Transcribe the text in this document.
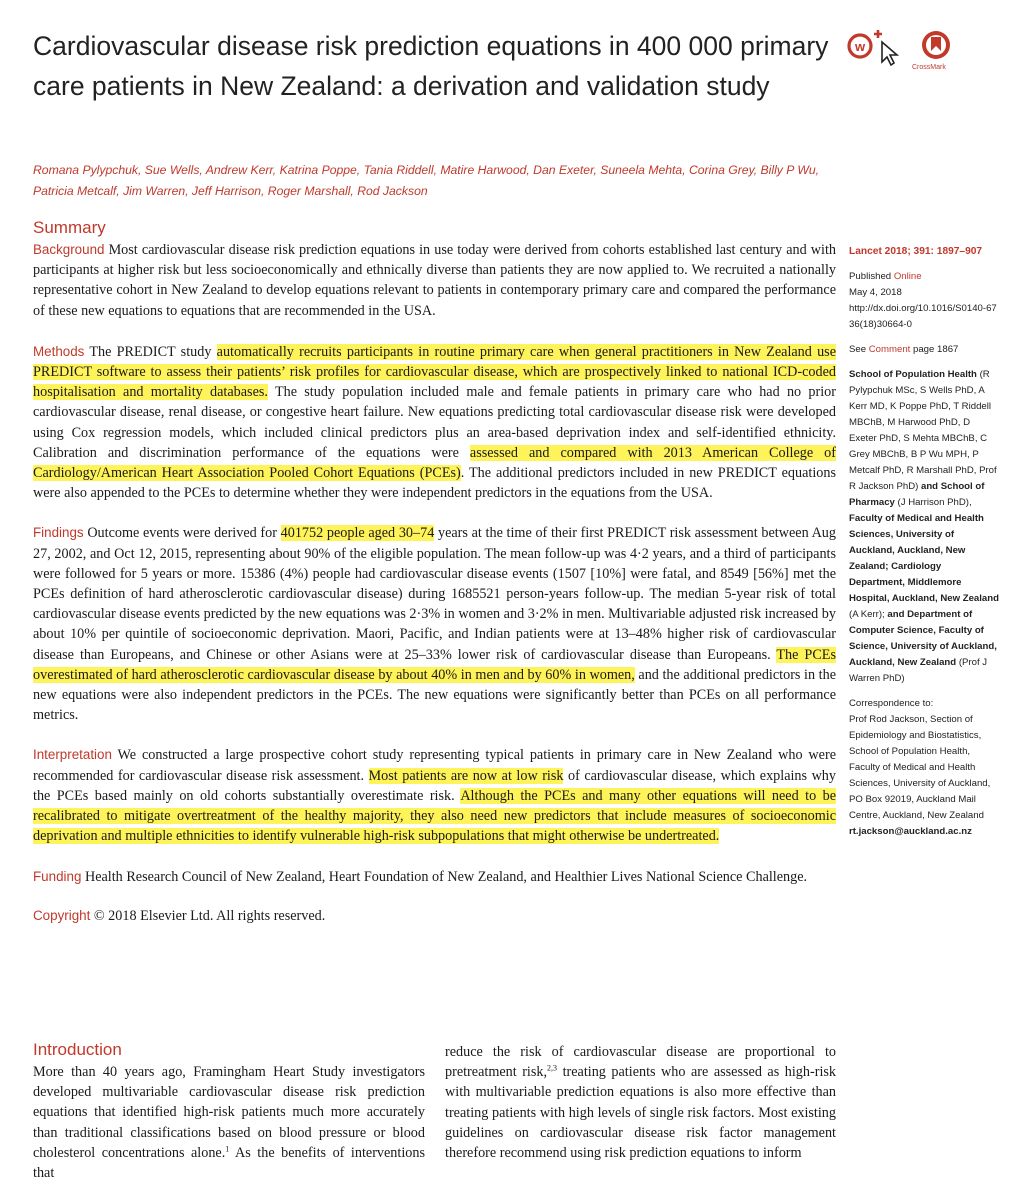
Cardiovascular disease risk prediction equations in 400 000 primary care patients in New Zealand: a derivation and validation study
w
CrossMark
Romana Pylypchuk, Sue Wells, Andrew Kerr, Katrina Poppe, Tania Riddell, Matire Harwood, Dan Exeter, Suneela Mehta, Corina Grey, Billy P Wu, Patricia Metcalf, Jim Warren, Jeff Harrison, Roger Marshall, Rod Jackson
Summary

Background Most cardiovascular disease risk prediction equations in use today were derived from cohorts established last century and with participants at higher risk but less socioeconomically and ethnically diverse than patients they are now applied to. We recruited a nationally representative cohort in New Zealand to develop equations relevant to patients in contemporary primary care and compared the performance of these new equations to equations that are recommended in the USA.

Methods The PREDICT study automatically recruits participants in routine primary care when general practitioners in New Zealand use PREDICT software to assess their patients’ risk profiles for cardiovascular disease, which are prospectively linked to national ICD-coded hospitalisation and mortality databases. The study population included male and female patients in primary care who had no prior cardiovascular disease, renal disease, or congestive heart failure. New equations predicting total cardiovascular disease risk were developed using Cox regression models, which included clinical predictors plus an area-based deprivation index and self-identified ethnicity. Calibration and discrimination performance of the equations were assessed and compared with 2013 American College of Cardiology/American Heart Association Pooled Cohort Equations (PCEs). The additional predictors included in new PREDICT equations were also appended to the PCEs to determine whether they were independent predictors in the equations from the USA.

Findings Outcome events were derived for 401752 people aged 30–74 years at the time of their first PREDICT risk assessment between Aug 27, 2002, and Oct 12, 2015, representing about 90% of the eligible population. The mean follow-up was 4·2 years, and a third of participants were followed for 5 years or more. 15386 (4%) people had cardiovascular disease events (1507 [10%] were fatal, and 8549 [56%] met the PCEs definition of hard atherosclerotic cardiovascular disease) during 1685521 person-years follow-up. The median 5-year risk of total cardiovascular disease events predicted by the new equations was 2·3% in women and 3·2% in men. Multivariable adjusted risk increased by about 10% per quintile of socioeconomic deprivation. Maori, Pacific, and Indian patients were at 13–48% higher risk of cardiovascular disease than Europeans, and Chinese or other Asians were at 25–33% lower risk of cardiovascular disease than Europeans. The PCEs overestimated of hard atherosclerotic cardiovascular disease by about 40% in men and by 60% in women, and the additional predictors in the new equations were also independent predictors in the PCEs. The new equations were significantly better than PCEs on all performance metrics.

Interpretation We constructed a large prospective cohort study representing typical patients in primary care in New Zealand who were recommended for cardiovascular disease risk assessment. Most patients are now at low risk of cardiovascular disease, which explains why the PCEs based mainly on old cohorts substantially overestimate risk. Although the PCEs and many other equations will need to be recalibrated to mitigate overtreatment of the healthy majority, they also need new predictors that include measures of socioeconomic deprivation and multiple ethnicities to identify vulnerable high-risk subpopulations that might otherwise be undertreated.

Funding Health Research Council of New Zealand, Heart Foundation of New Zealand, and Healthier Lives National Science Challenge.

Copyright © 2018 Elsevier Ltd. All rights reserved.

Lancet 2018; 391: 1897–907

Published Online

May 4, 2018

http://dx.doi.org/10.1016/S0140-6736(18)30664-0

See Comment page 1867

School of Population Health (R Pylypchuk MSc, S Wells PhD, A Kerr MD, K Poppe PhD, T Riddell MBChB, M Harwood PhD, D Exeter PhD, S Mehta MBChB, C Grey MBChB, B P Wu MPH, P Metcalf PhD, R Marshall PhD, Prof R Jackson PhD) and School of Pharmacy (J Harrison PhD), Faculty of Medical and Health Sciences, University of Auckland, Auckland, New Zealand; Cardiology Department, Middlemore Hospital, Auckland, New Zealand (A Kerr); and Department of Computer Science, Faculty of Science, University of Auckland, Auckland, New Zealand (Prof J Warren PhD)

Correspondence to:

Prof Rod Jackson, Section of Epidemiology and Biostatistics, School of Population Health, Faculty of Medical and Health Sciences, University of Auckland, PO Box 92019, Auckland Mail Centre, Auckland, New Zealand

rt.jackson@auckland.ac.nz

Introduction

More than 40 years ago, Framingham Heart Study investigators developed multivariable cardiovascular disease risk prediction equations that identified high-risk patients much more accurately than traditional classifications based on blood pressure or blood cholesterol concentrations alone.$^1$ As the benefits of interventions that

reduce the risk of cardiovascular disease are proportional to pretreatment risk,$^{2,3}$ treating patients who are assessed as high-risk with multivariable prediction equations is also more effective than treating patients with high levels of single risk factors. Most existing guidelines on cardiovascular disease risk factor management therefore recommend using risk prediction equations to inform
